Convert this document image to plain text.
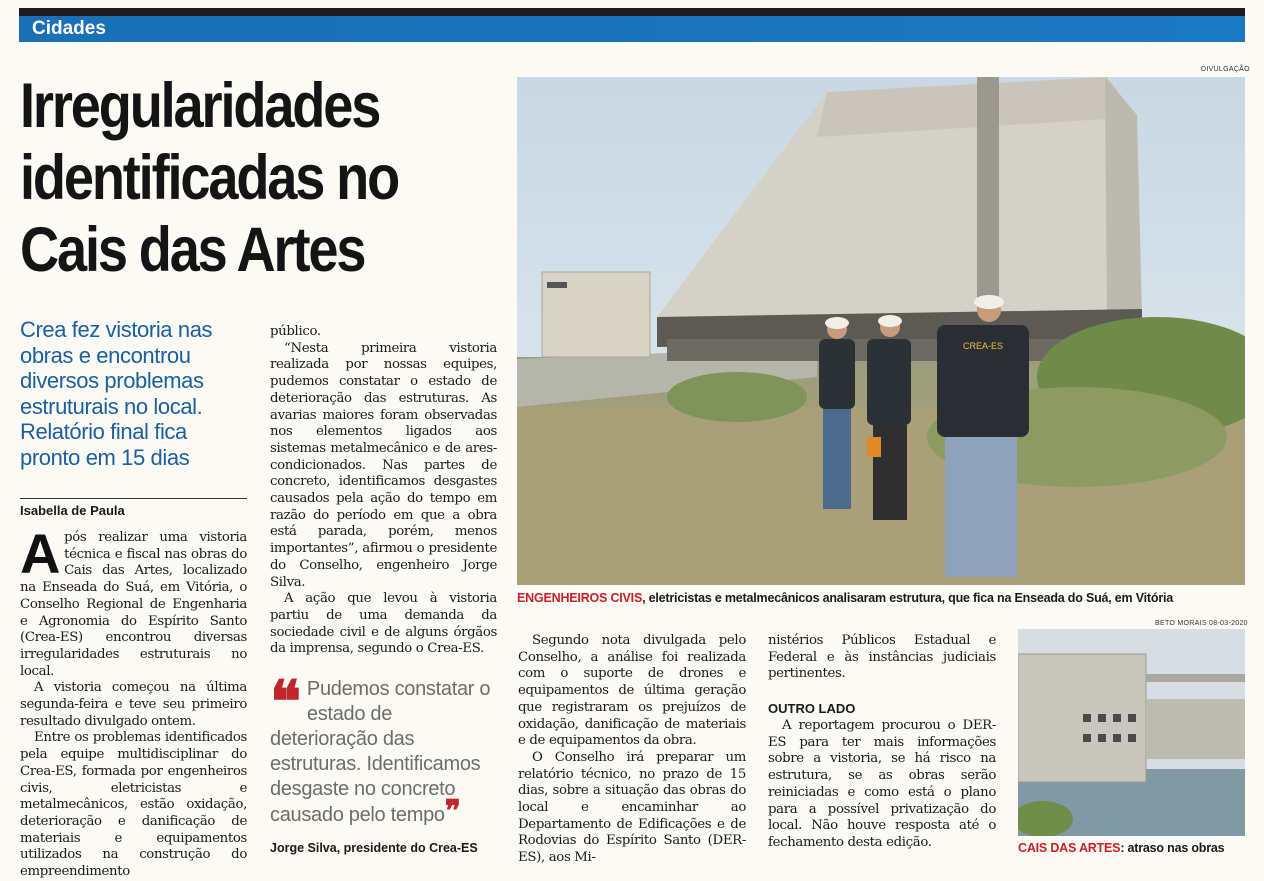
Cidades
Irregularidades
identificadas no
Cais das Artes
Crea fez vistoria nas obras e encontrou diversos problemas estruturais no local. Relatório final fica pronto em 15 dias
Isabella de Paula

Após realizar uma vistoria técnica e fiscal nas obras do Cais das Artes, localizado na Enseada do Suá, em Vitória, o Conselho Regional de Engenharia e Agronomia do Espírito Santo (Crea-ES) encontrou diversas irregularidades estruturais no local.

A vistoria começou na última segunda-feira e teve seu primeiro resultado divulgado ontem.

Entre os problemas identificados pela equipe multidisciplinar do Crea-ES, formada por engenheiros civis, eletricistas e metalmecânicos, estão oxidação, deterioração e danificação de materiais e equipamentos utilizados na construção do empreendimento

público.

“Nesta primeira vistoria realizada por nossas equipes, pudemos constatar o estado de deterioração das estruturas. As avarias maiores foram observadas nos elementos ligados aos sistemas metalmecânico e de ares-condicionados. Nas partes de concreto, identificamos desgastes causados pela ação do tempo em razão do período em que a obra está parada, porém, menos importantes”, afirmou o presidente do Conselho, engenheiro Jorge Silva.

A ação que levou à vistoria partiu de uma demanda da sociedade civil e de alguns órgãos da imprensa, segundo o Crea-ES.

❝ Pudemos constatar o estado de deterioração das estruturas. Identificamos desgaste no concreto causado pelo tempo❞
Jorge Silva, presidente do Crea-ES
DIVULGAÇÃO
CREA-ES
ENGENHEIROS CIVIS, eletricistas e metalmecânicos analisaram estrutura, que fica na Enseada do Suá, em Vitória

Segundo nota divulgada pelo Conselho, a análise foi realizada com o suporte de drones e equipamentos de última geração que registraram os prejuízos de oxidação, danificação de materiais e de equipamentos da obra.

O Conselho irá preparar um relatório técnico, no prazo de 15 dias, sobre a situação das obras do local e encaminhar ao Departamento de Edificações e de Rodovias do Espírito Santo (DER-ES), aos Mi-

nistérios Públicos Estadual e Federal e às instâncias judiciais pertinentes.

OUTRO LADO

A reportagem procurou o DER-ES para ter mais informações sobre a vistoria, se há risco na estrutura, se as obras serão reiniciadas e como está o plano para a possível privatização do local. Não houve resposta até o fechamento desta edição.

BETO MORAIS 08-03-2020
CAIS DAS ARTES: atraso nas obras
